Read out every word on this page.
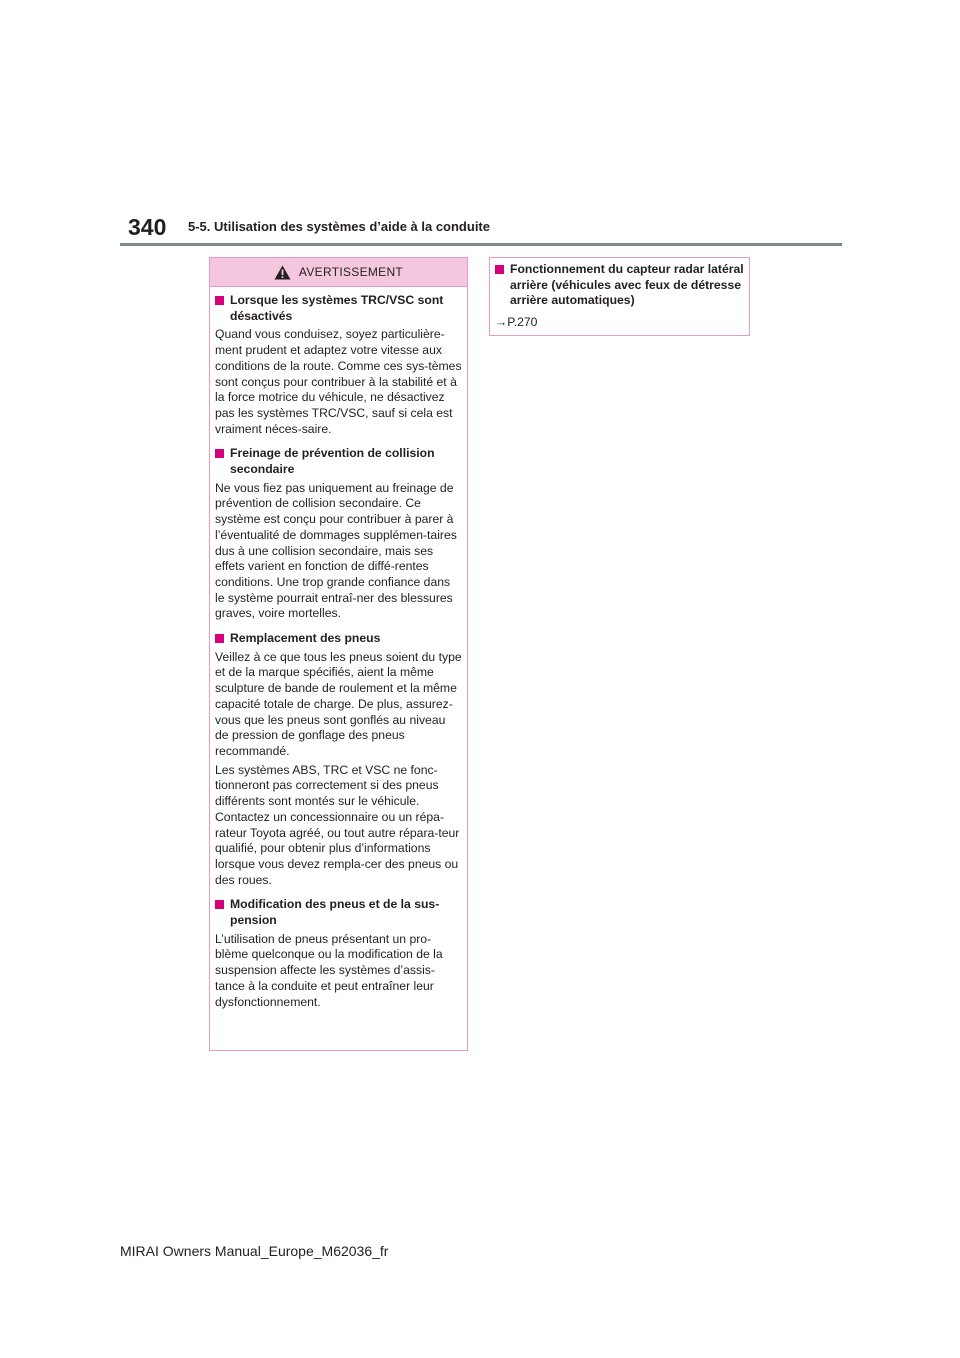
340 5-5. Utilisation des systèmes d’aide à la conduite
AVERTISSEMENT
Lorsque les systèmes TRC/VSC sont désactivés

Quand vous conduisez, soyez particulière-ment prudent et adaptez votre vitesse aux conditions de la route. Comme ces sys-tèmes sont conçus pour contribuer à la stabilité et à la force motrice du véhicule, ne désactivez pas les systèmes TRC/VSC, sauf si cela est vraiment néces-saire.

Freinage de prévention de collision secondaire

Ne vous fiez pas uniquement au freinage de prévention de collision secondaire. Ce système est conçu pour contribuer à parer à l’éventualité de dommages supplémen-taires dus à une collision secondaire, mais ses effets varient en fonction de diffé-rentes conditions. Une trop grande confiance dans le système pourrait entraî-ner des blessures graves, voire mortelles.

Remplacement des pneus

Veillez à ce que tous les pneus soient du type et de la marque spécifiés, aient la même sculpture de bande de roulement et la même capacité totale de charge. De plus, assurez-vous que les pneus sont gonflés au niveau de pression de gonflage des pneus recommandé.

Les systèmes ABS, TRC et VSC ne fonc-tionneront pas correctement si des pneus différents sont montés sur le véhicule. Contactez un concessionnaire ou un répa-rateur Toyota agréé, ou tout autre répara-teur qualifié, pour obtenir plus d’informations lorsque vous devez rempla-cer des pneus ou des roues.

Modification des pneus et de la sus-pension

L’utilisation de pneus présentant un pro-blème quelconque ou la modification de la suspension affecte les systèmes d’assis-tance à la conduite et peut entraîner leur dysfonctionnement.

Fonctionnement du capteur radar latéral arrière (véhicules avec feux de détresse arrière automatiques)
→P.270
MIRAI Owners Manual_Europe_M62036_fr
